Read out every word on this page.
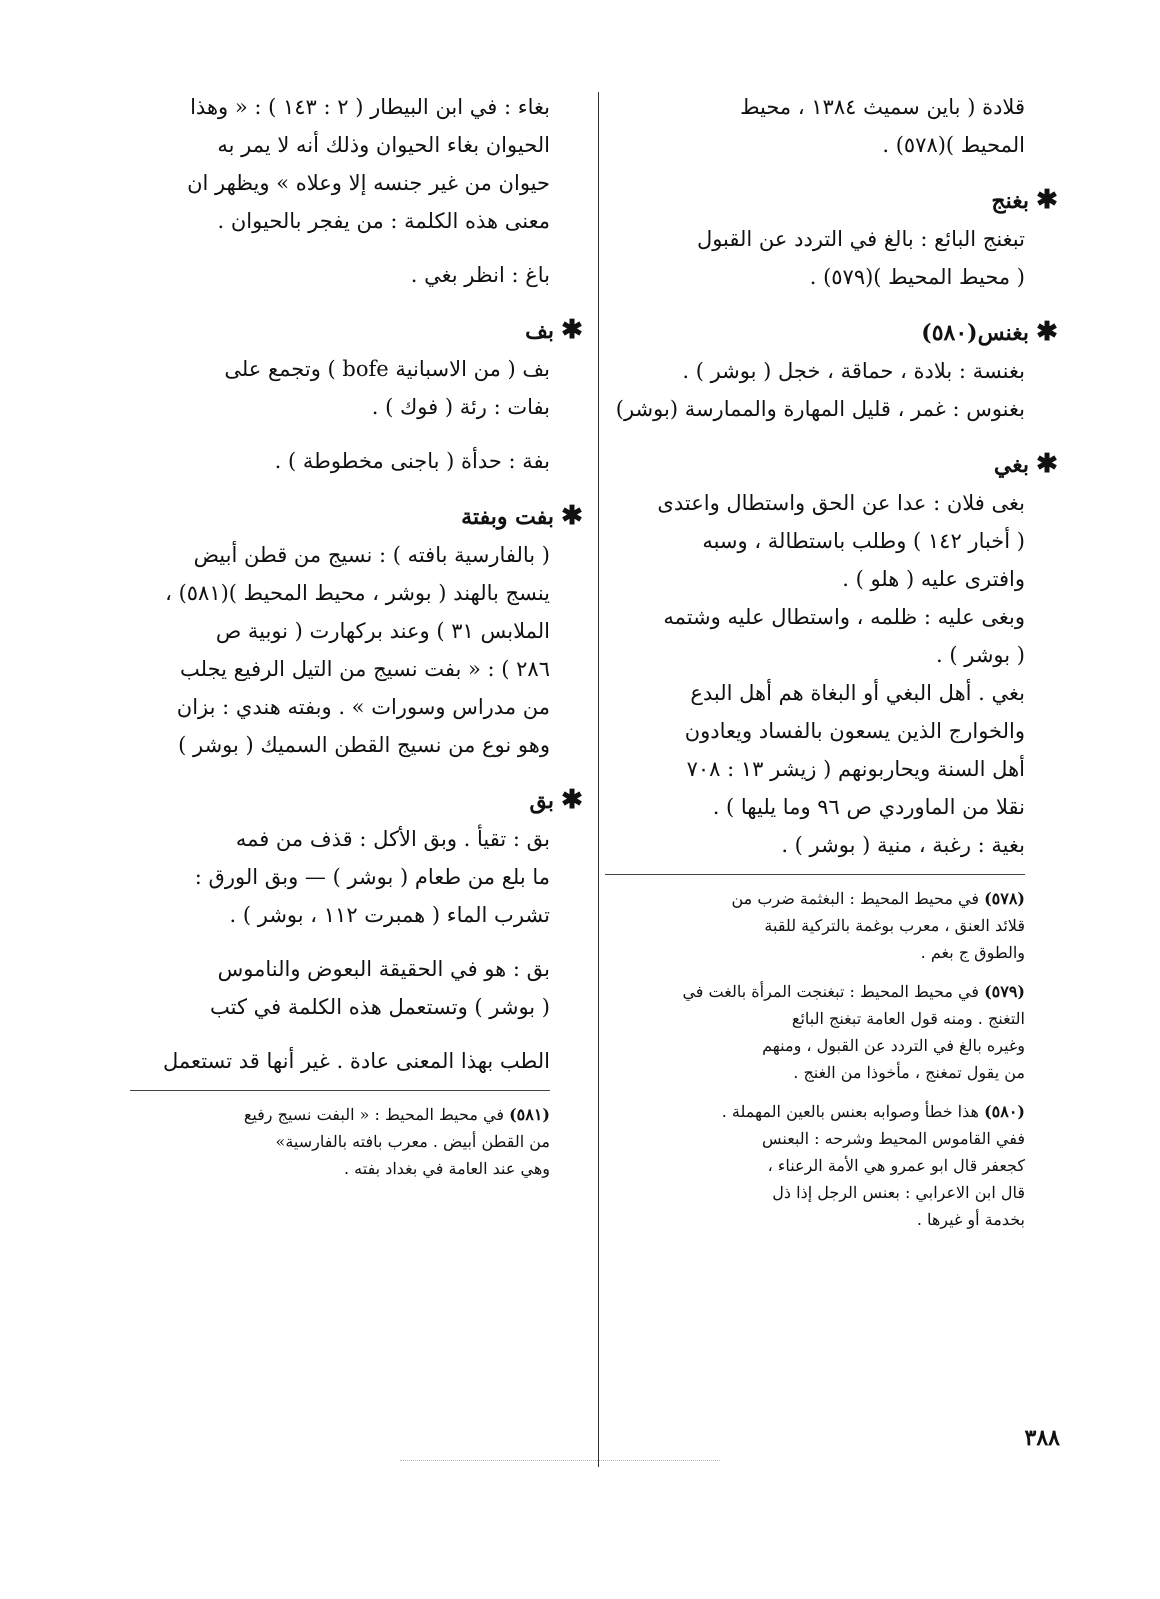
قلادة ( باين سميث ١٣٨٤ ، محيط
المحيط )(٥٧٨) .
✱بغنج
تبغنج البائع : بالغ في التردد عن القبول
( محيط المحيط )(٥٧٩) .
✱بغنس(٥٨٠)
بغنسة : بلادة ، حماقة ، خجل ( بوشر ) .
بغنوس : غمر ، قليل المهارة والممارسة (بوشر)
✱بغي
بغى فلان : عدا عن الحق واستطال واعتدى
( أخبار ١٤٢ ) وطلب باستطالة ، وسبه
وافترى عليه ( هلو ) .
وبغى عليه : ظلمه ، واستطال عليه وشتمه
( بوشر ) .
بغي . أهل البغي أو البغاة هم أهل البدع
والخوارج الذين يسعون بالفساد ويعادون
أهل السنة ويحاربونهم ( زيشر ١٣ : ٧٠٨
نقلا من الماوردي ص ٩٦ وما يليها ) .
بغية : رغبة ، منية ( بوشر ) .
(٥٧٨) في محيط المحيط : البغثمة ضرب من
قلائد العنق ، معرب بوغمة بالتركية للقبة
والطوق ج بغم .
(٥٧٩) في محيط المحيط : تبغنجت المرأة بالغت في
التغنج . ومنه قول العامة تبغنج البائع
وغيره بالغ في التردد عن القبول ، ومنهم
من يقول تمغنج ، مأخوذا من الغنج .
(٥٨٠) هذا خطأ وصوابه بعنس بالعين المهملة .
ففي القاموس المحيط وشرحه : البعنس
كجعفر قال ابو عمرو هي الأمة الرعناء ،
قال ابن الاعرابي : بعنس الرجل إذا ذل
بخدمة أو غيرها .
بغاء : في ابن البيطار ( ٢ : ١٤٣ ) : « وهذا
الحيوان بغاء الحيوان وذلك أنه لا يمر به
حيوان من غير جنسه إلا وعلاه » ويظهر ان
معنى هذه الكلمة : من يفجر بالحيوان .
باغ : انظر بغي .
✱بف
بف ( من الاسبانية bofe ) وتجمع على
بفات : رئة ( فوك ) .
بفة : حدأة ( باجنى مخطوطة ) .
✱بفت وبفتة
( بالفارسية بافته ) : نسيج من قطن أبيض
ينسج بالهند ( بوشر ، محيط المحيط )(٥٨١) ،
الملابس ٣١ ) وعند بركهارت ( نوبية ص
٢٨٦ ) : « بفت نسيج من التيل الرفيع يجلب
من مدراس وسورات » . وبفته هندي : بزان
وهو نوع من نسيج القطن السميك ( بوشر )
✱بق
بق : تقيأ . وبق الأكل : قذف من فمه
ما بلع من طعام ( بوشر ) — وبق الورق :
تشرب الماء ( همبرت ١١٢ ، بوشر ) .
بق : هو في الحقيقة البعوض والناموس
( بوشر ) وتستعمل هذه الكلمة في كتب
الطب بهذا المعنى عادة . غير أنها قد تستعمل
(٥٨١) في محيط المحيط : « البفت نسيج رفيع
من القطن أبيض . معرب بافته بالفارسية»
وهي عند العامة في بغداد بفته .
٣٨٨
